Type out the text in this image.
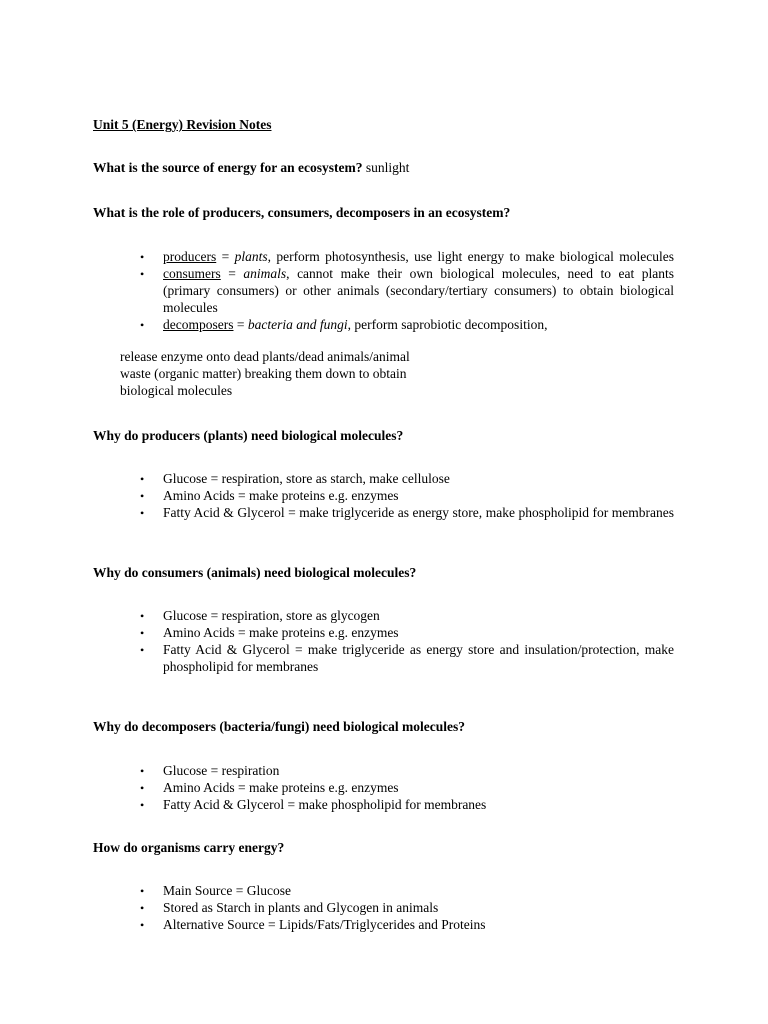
Unit 5 (Energy) Revision Notes
What is the source of energy for an ecosystem? sunlight
What is the role of producers, consumers, decomposers in an ecosystem?
• producers = plants, perform photosynthesis, use light energy to make biological molecules
• consumers = animals, cannot make their own biological molecules, need to eat plants (primary consumers) or other animals (secondary/tertiary consumers) to obtain biological molecules
• decomposers = bacteria and fungi, perform saprobiotic decomposition,
release enzyme onto dead plants/dead animals/animal
waste (organic matter) breaking them down to obtain
biological molecules
Why do producers (plants) need biological molecules?
• Glucose = respiration, store as starch, make cellulose
• Amino Acids = make proteins e.g. enzymes
• Fatty Acid & Glycerol = make triglyceride as energy store, make phospholipid for membranes
Why do consumers (animals) need biological molecules?
• Glucose = respiration, store as glycogen
• Amino Acids = make proteins e.g. enzymes
• Fatty Acid & Glycerol = make triglyceride as energy store and insulation/protection, make phospholipid for membranes
Why do decomposers (bacteria/fungi) need biological molecules?
• Glucose = respiration
• Amino Acids = make proteins e.g. enzymes
• Fatty Acid & Glycerol = make phospholipid for membranes
How do organisms carry energy?
• Main Source = Glucose
• Stored as Starch in plants and Glycogen in animals
• Alternative Source = Lipids/Fats/Triglycerides and Proteins
